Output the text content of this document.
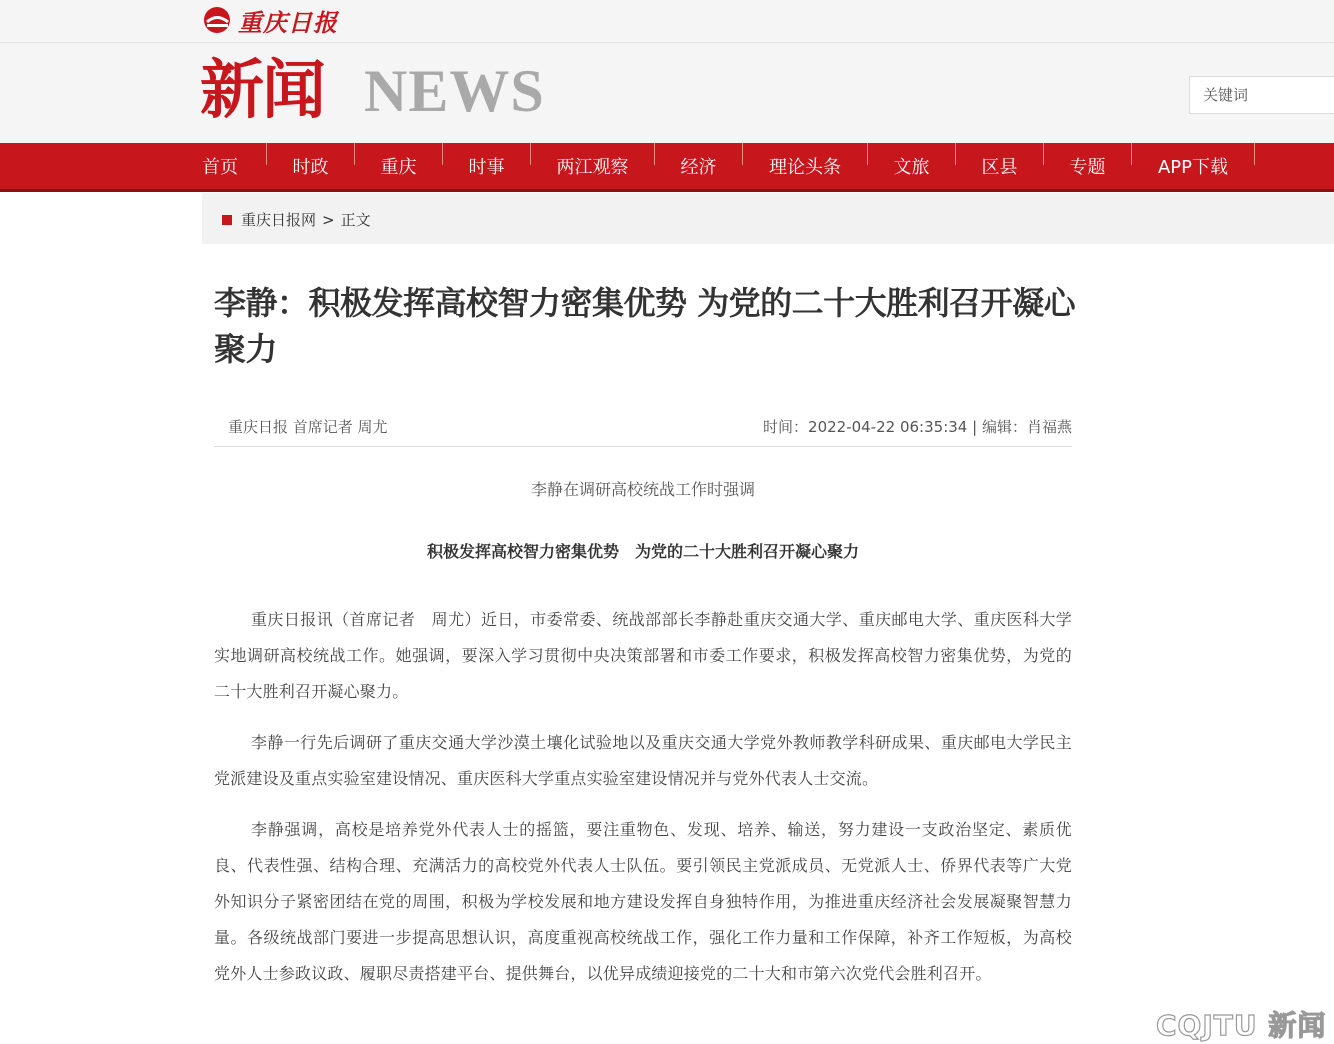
重庆日报
新闻 NEWS
关键词
首页	时政	重庆	时事	两江观察	经济	理论头条	文旅	区县	专题	APP下载
重庆日报网 > 正文
李静：积极发挥高校智力密集优势 为党的二十大胜利召开凝心聚力
重庆日报 首席记者 周尤	时间：2022-04-22 06:35:34 | 编辑：肖福燕
李静在调研高校统战工作时强调
积极发挥高校智力密集优势　为党的二十大胜利召开凝心聚力

重庆日报讯（首席记者　周尤）近日，市委常委、统战部部长李静赴重庆交通大学、重庆邮电大学、重庆医科大学实地调研高校统战工作。她强调，要深入学习贯彻中央决策部署和市委工作要求，积极发挥高校智力密集优势，为党的二十大胜利召开凝心聚力。

李静一行先后调研了重庆交通大学沙漠土壤化试验地以及重庆交通大学党外教师教学科研成果、重庆邮电大学民主党派建设及重点实验室建设情况、重庆医科大学重点实验室建设情况并与党外代表人士交流。

李静强调，高校是培养党外代表人士的摇篮，要注重物色、发现、培养、输送，努力建设一支政治坚定、素质优良、代表性强、结构合理、充满活力的高校党外代表人士队伍。要引领民主党派成员、无党派人士、侨界代表等广大党外知识分子紧密团结在党的周围，积极为学校发展和地方建设发挥自身独特作用，为推进重庆经济社会发展凝聚智慧力量。各级统战部门要进一步提高思想认识，高度重视高校统战工作，强化工作力量和工作保障，补齐工作短板，为高校党外人士参政议政、履职尽责搭建平台、提供舞台，以优异成绩迎接党的二十大和市第六次党代会胜利召开。

CQJTU 新闻
